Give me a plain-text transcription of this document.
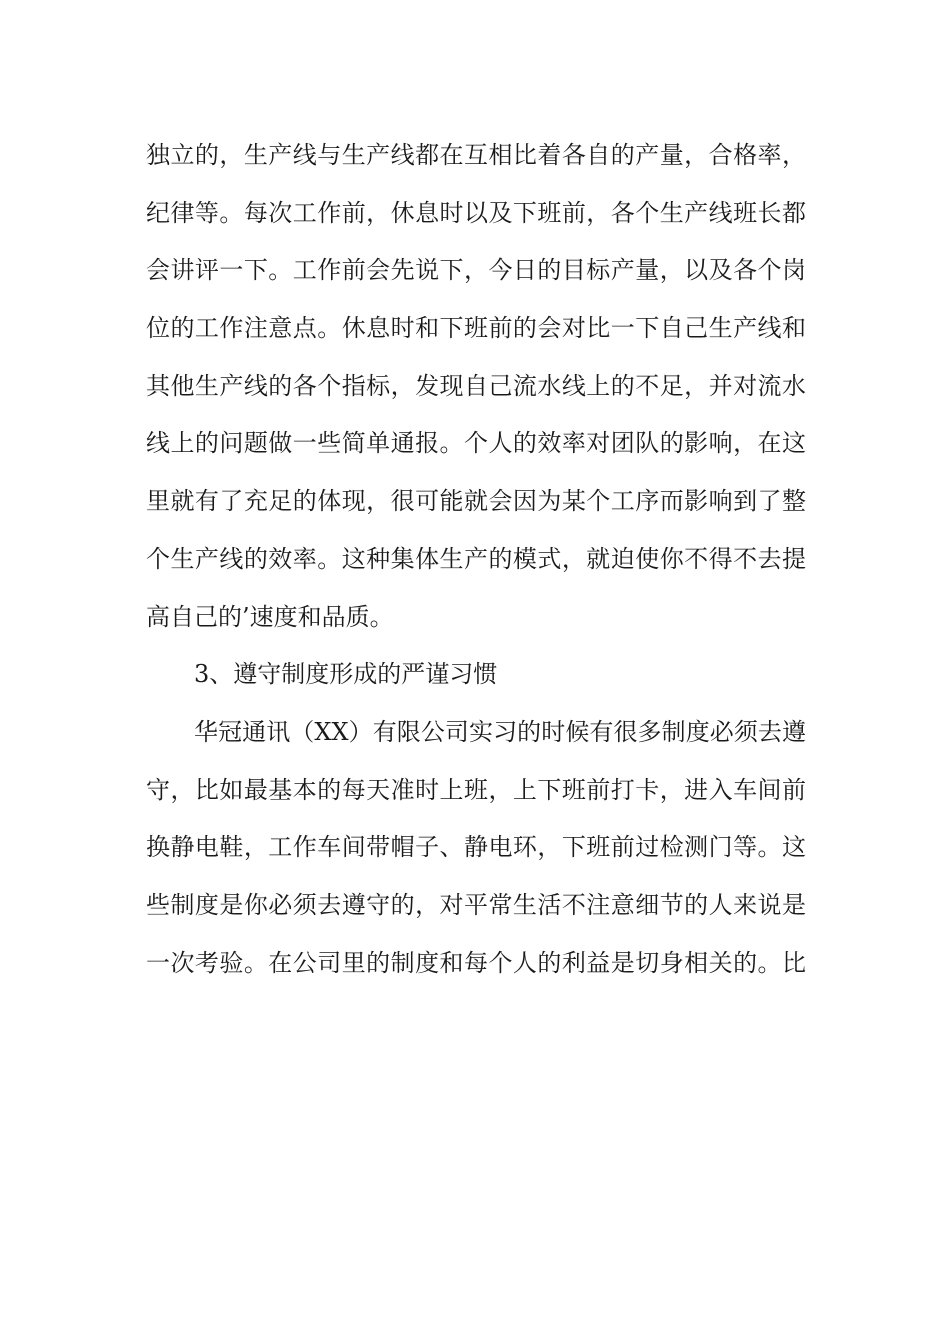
独立的，生产线与生产线都在互相比着各自的产量，合格率，
纪律等。每次工作前，休息时以及下班前，各个生产线班长都
会讲评一下。工作前会先说下，今日的目标产量，以及各个岗
位的工作注意点。休息时和下班前的会对比一下自己生产线和
其他生产线的各个指标，发现自己流水线上的不足，并对流水
线上的问题做一些简单通报。个人的效率对团队的影响，在这
里就有了充足的体现，很可能就会因为某个工序而影响到了整
个生产线的效率。这种集体生产的模式，就迫使你不得不去提
高自己的’速度和品质。
3、遵守制度形成的严谨习惯
华冠通讯（XX）有限公司实习的时候有很多制度必须去遵
守，比如最基本的每天准时上班，上下班前打卡，进入车间前
换静电鞋，工作车间带帽子、静电环，下班前过检测门等。这
些制度是你必须去遵守的，对平常生活不注意细节的人来说是
一次考验。在公司里的制度和每个人的利益是切身相关的。比
